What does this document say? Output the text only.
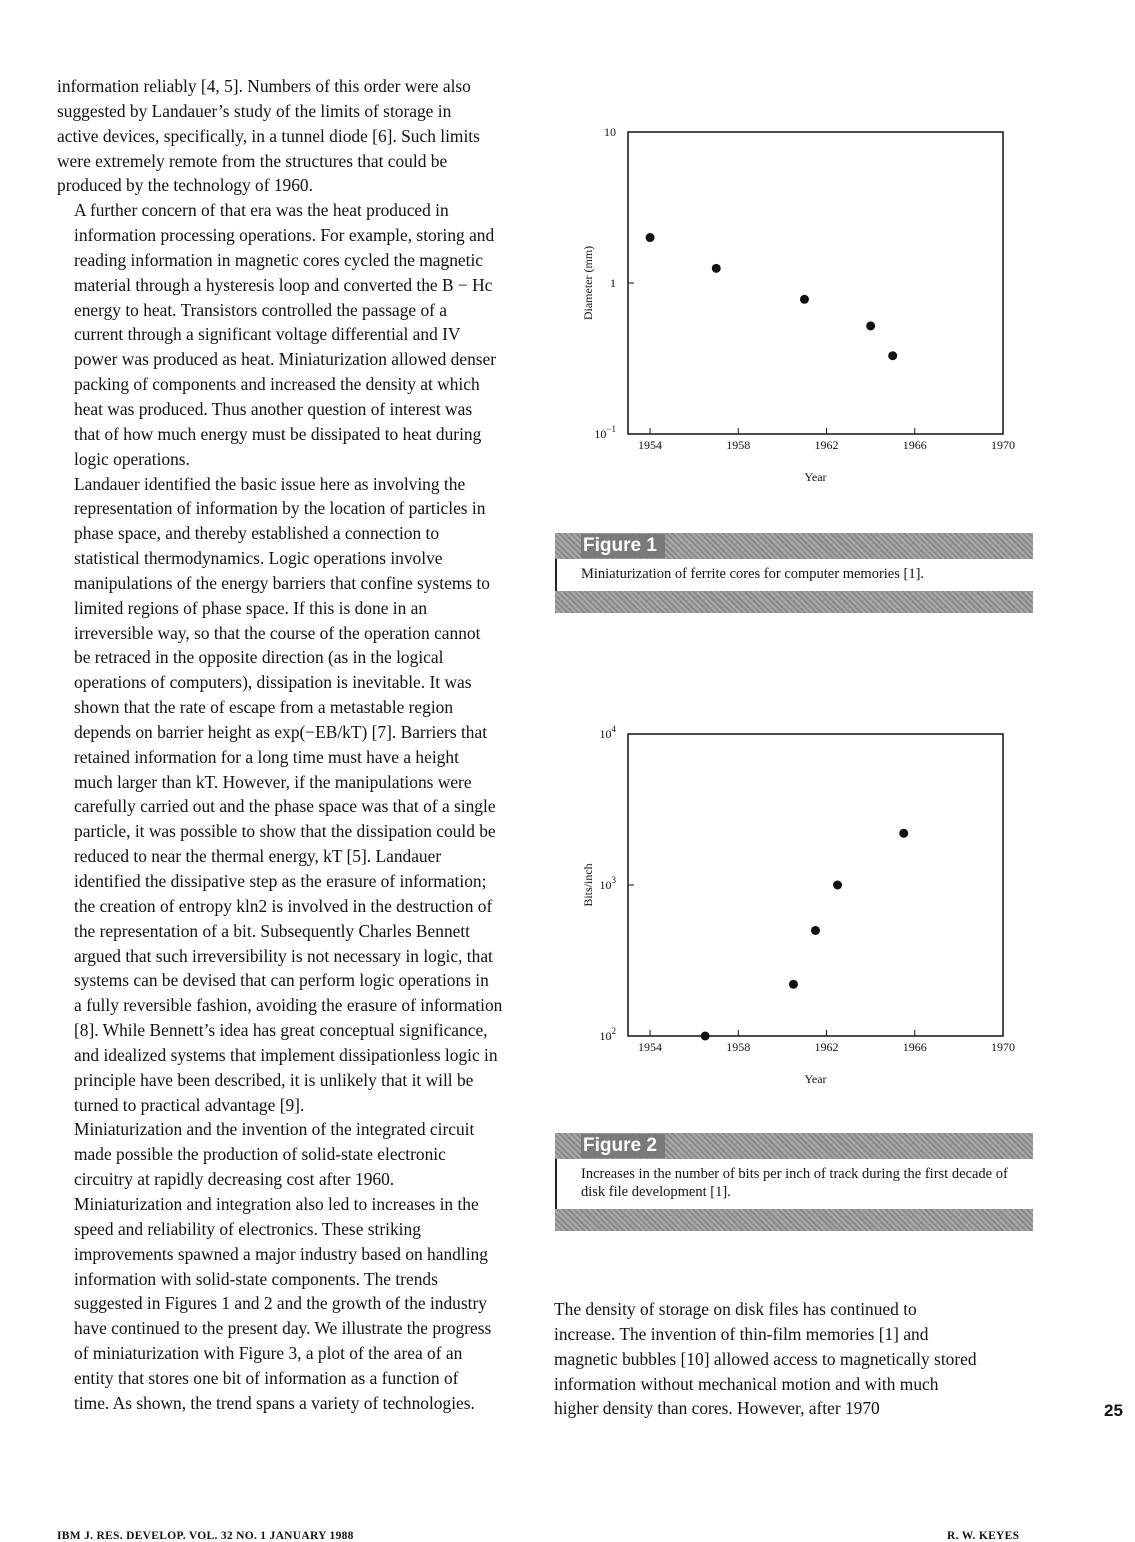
information reliably [4, 5]. Numbers of this order were also
suggested by Landauer’s study of the limits of storage in
active devices, specifically, in a tunnel diode [6]. Such limits
were extremely remote from the structures that could be
produced by the technology of 1960.

A further concern of that era was the heat produced in
information processing operations. For example, storing and
reading information in magnetic cores cycled the magnetic
material through a hysteresis loop and converted the B − Hc
energy to heat. Transistors controlled the passage of a
current through a significant voltage differential and IV
power was produced as heat. Miniaturization allowed denser
packing of components and increased the density at which
heat was produced. Thus another question of interest was
that of how much energy must be dissipated to heat during
logic operations.

Landauer identified the basic issue here as involving the
representation of information by the location of particles in
phase space, and thereby established a connection to
statistical thermodynamics. Logic operations involve
manipulations of the energy barriers that confine systems to
limited regions of phase space. If this is done in an
irreversible way, so that the course of the operation cannot
be retraced in the opposite direction (as in the logical
operations of computers), dissipation is inevitable. It was
shown that the rate of escape from a metastable region
depends on barrier height as exp(−EB/kT) [7]. Barriers that
retained information for a long time must have a height
much larger than kT. However, if the manipulations were
carefully carried out and the phase space was that of a single
particle, it was possible to show that the dissipation could be
reduced to near the thermal energy, kT [5]. Landauer
identified the dissipative step as the erasure of information;
the creation of entropy kln2 is involved in the destruction of
the representation of a bit. Subsequently Charles Bennett
argued that such irreversibility is not necessary in logic, that
systems can be devised that can perform logic operations in
a fully reversible fashion, avoiding the erasure of information
[8]. While Bennett’s idea has great conceptual significance,
and idealized systems that implement dissipationless logic in
principle have been described, it is unlikely that it will be
turned to practical advantage [9].

Miniaturization and the invention of the integrated circuit
made possible the production of solid-state electronic
circuitry at rapidly decreasing cost after 1960.
Miniaturization and integration also led to increases in the
speed and reliability of electronics. These striking
improvements spawned a major industry based on handling
information with solid-state components. The trends
suggested in Figures 1 and 2 and the growth of the industry
have continued to the present day. We illustrate the progress
of miniaturization with Figure 3, a plot of the area of an
entity that stores one bit of information as a function of
time. As shown, the trend spans a variety of technologies.

1954	1958	1962	1966	1970
10
1
$10^{-1}$
Year
Diameter (mm)
Figure 1
Miniaturization of ferrite cores for computer memories [1].
1954	1958	1962	1966	1970
$10^4$
$10^3$
$10^2$
Year
Bits/inch
Figure 2
Increases in the number of bits per inch of track during the first decade of disk file development [1].

The density of storage on disk files has continued to
increase. The invention of thin-film memories [1] and
magnetic bubbles [10] allowed access to magnetically stored
information without mechanical motion and with much
higher density than cores. However, after 1970	25
IBM J. RES. DEVELOP. VOL. 32 NO. 1 JANUARY 1988	R. W. KEYES
